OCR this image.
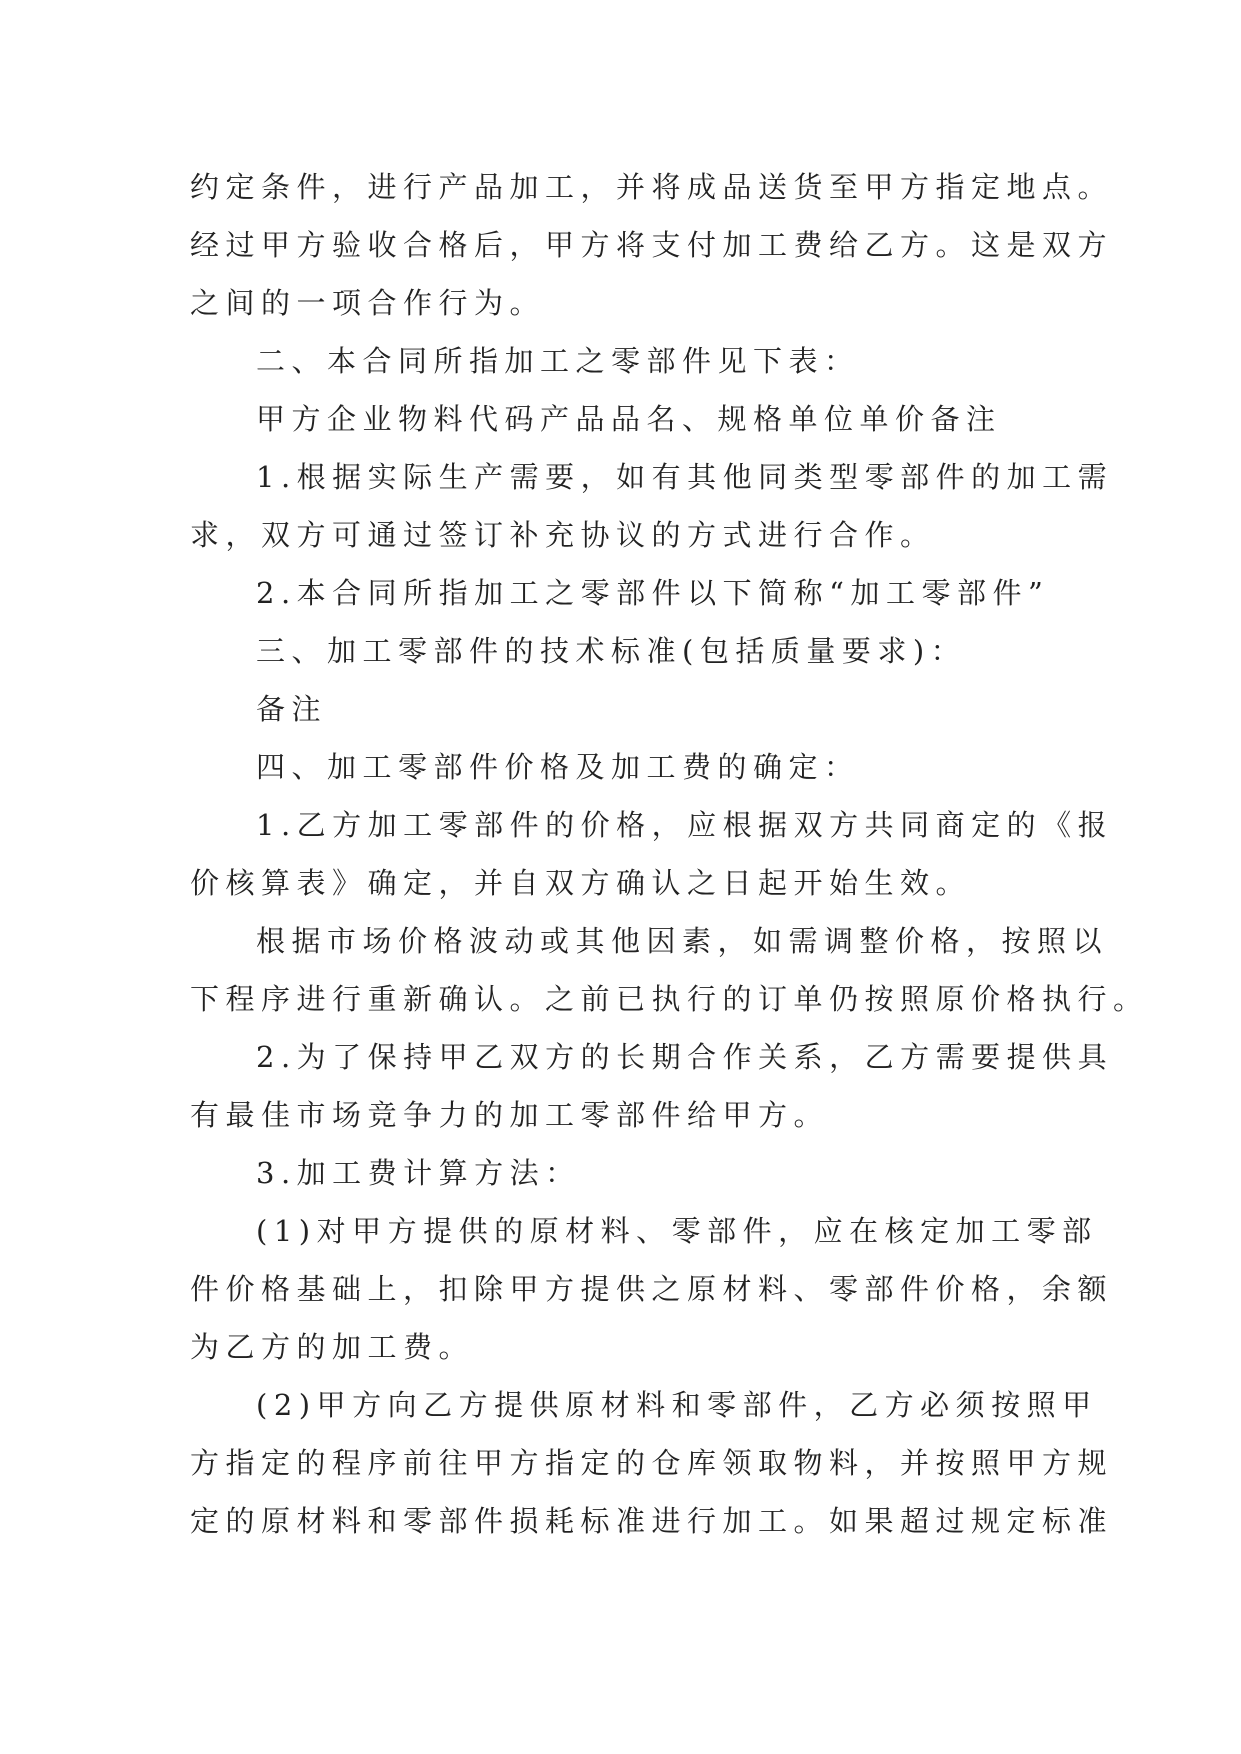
约定条件，进行产品加工，并将成品送货至甲方指定地点。
经过甲方验收合格后，甲方将支付加工费给乙方。这是双方
之间的一项合作行为。
二、本合同所指加工之零部件见下表：
甲方企业物料代码产品品名、规格单位单价备注
1.根据实际生产需要，如有其他同类型零部件的加工需
求，双方可通过签订补充协议的方式进行合作。
2.本合同所指加工之零部件以下简称“加工零部件”
三、加工零部件的技术标准(包括质量要求)：
备注
四、加工零部件价格及加工费的确定：
1.乙方加工零部件的价格，应根据双方共同商定的《报
价核算表》确定，并自双方确认之日起开始生效。
根据市场价格波动或其他因素，如需调整价格，按照以
下程序进行重新确认。之前已执行的订单仍按照原价格执行。
2.为了保持甲乙双方的长期合作关系，乙方需要提供具
有最佳市场竞争力的加工零部件给甲方。
3.加工费计算方法：
(1)对甲方提供的原材料、零部件，应在核定加工零部
件价格基础上，扣除甲方提供之原材料、零部件价格，余额
为乙方的加工费。
(2)甲方向乙方提供原材料和零部件，乙方必须按照甲
方指定的程序前往甲方指定的仓库领取物料，并按照甲方规
定的原材料和零部件损耗标准进行加工。如果超过规定标准
